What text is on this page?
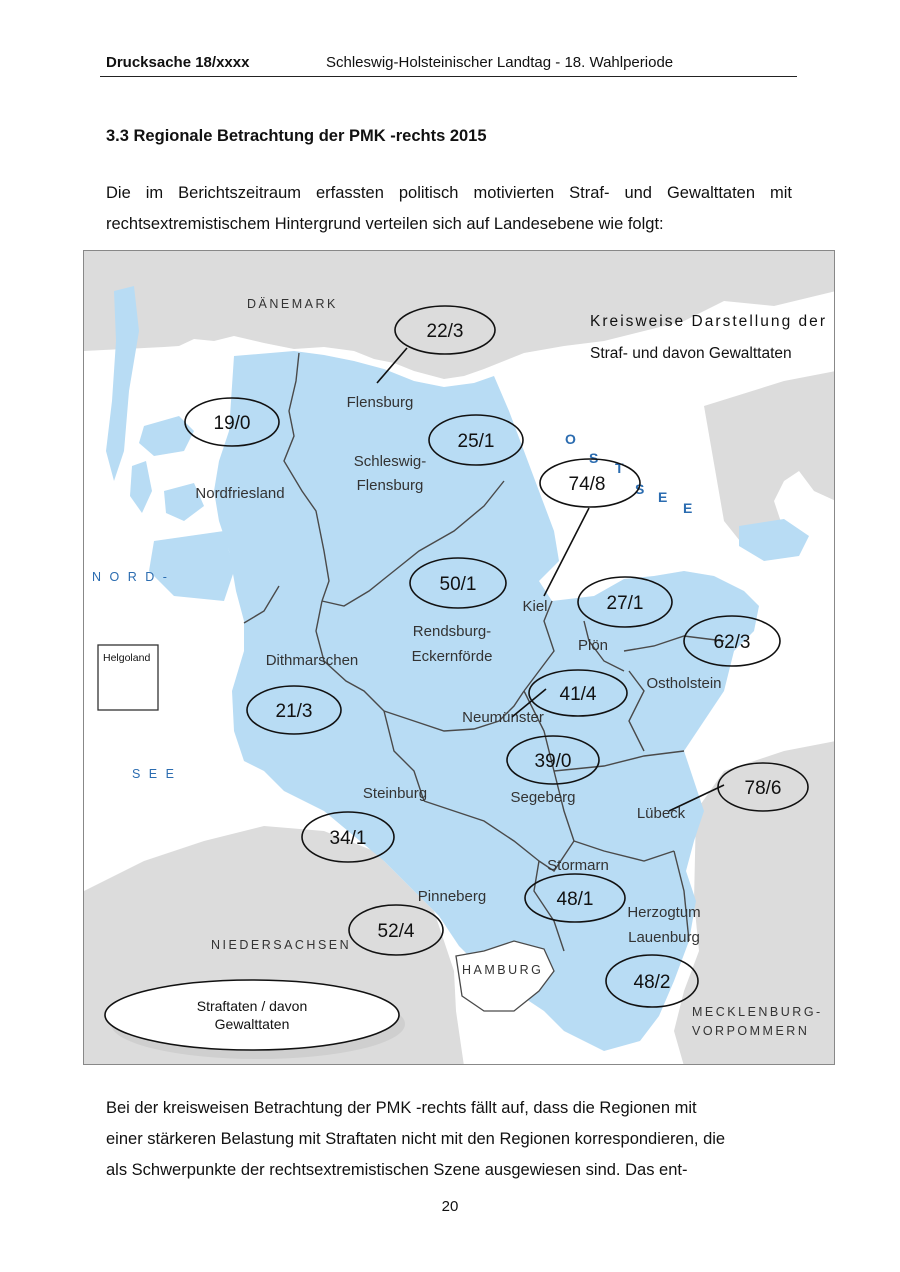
Drucksache 18/xxxx	Schleswig-Holsteinischer Landtag - 18. Wahlperiode
3.3 Regionale Betrachtung der PMK -rechts 2015
Die im Berichtszeitraum erfassten politisch motivierten Straf- und Gewalttaten mit
rechtsextremistischem Hintergrund verteilen sich auf Landesebene wie folgt:
Helgoland
DÄNEMARK
N O R D -
S E E
NIEDERSACHSEN
HAMBURG
MECKLENBURG-
VORPOMMERN
O
S
T
S E
E
Flensburg
Schleswig-
Flensburg
Nordfriesland
Kiel
Plön
Rendsburg-
Eckernförde
Dithmarschen
Ostholstein
Neumünster
Steinburg	Segeberg
Lübeck
Stormarn
Pinneberg
Herzogtum
Lauenburg
22/3
19/0
25/1
74/8
50/1
27/1
62/3
21/3
41/4
39/0
78/6
34/1
48/1
52/4
48/2
Kreisweise Darstellung der
Straf- und davon Gewalttaten
Straftaten / davon
Gewalttaten
Bei der kreisweisen Betrachtung der PMK -rechts fällt auf, dass die Regionen mit
einer stärkeren Belastung mit Straftaten nicht mit den Regionen korrespondieren, die
als Schwerpunkte der rechtsextremistischen Szene ausgewiesen sind. Das ent-
20
